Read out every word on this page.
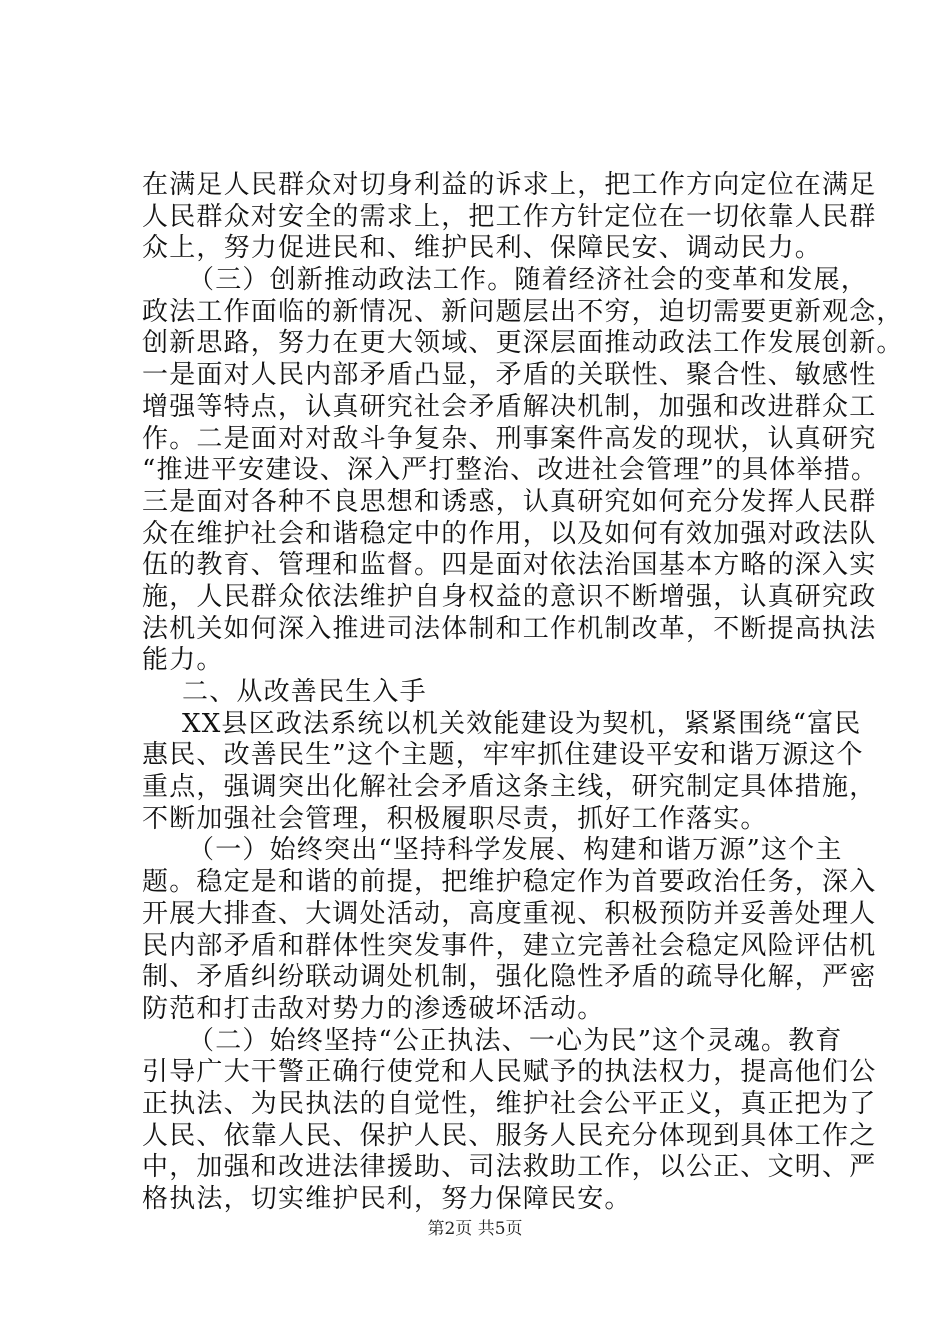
在满足人民群众对切身利益的诉求上，把工作方向定位在满足
人民群众对安全的需求上，把工作方针定位在一切依靠人民群
众上，努力促进民和、维护民利、保障民安、调动民力。
（三）创新推动政法工作。随着经济社会的变革和发展，
政法工作面临的新情况、新问题层出不穷，迫切需要更新观念，
创新思路，努力在更大领域、更深层面推动政法工作发展创新。
一是面对人民内部矛盾凸显，矛盾的关联性、聚合性、敏感性
增强等特点，认真研究社会矛盾解决机制，加强和改进群众工
作。二是面对对敌斗争复杂、刑事案件高发的现状，认真研究
“推进平安建设、深入严打整治、改进社会管理”的具体举措。
三是面对各种不良思想和诱惑，认真研究如何充分发挥人民群
众在维护社会和谐稳定中的作用，以及如何有效加强对政法队
伍的教育、管理和监督。四是面对依法治国基本方略的深入实
施，人民群众依法维护自身权益的意识不断增强，认真研究政
法机关如何深入推进司法体制和工作机制改革，不断提高执法
能力。
二、从改善民生入手
XX县区政法系统以机关效能建设为契机，紧紧围绕“富民
惠民、改善民生”这个主题，牢牢抓住建设平安和谐万源这个
重点，强调突出化解社会矛盾这条主线，研究制定具体措施，
不断加强社会管理，积极履职尽责，抓好工作落实。
（一）始终突出“坚持科学发展、构建和谐万源”这个主
题。稳定是和谐的前提，把维护稳定作为首要政治任务，深入
开展大排查、大调处活动，高度重视、积极预防并妥善处理人
民内部矛盾和群体性突发事件，建立完善社会稳定风险评估机
制、矛盾纠纷联动调处机制，强化隐性矛盾的疏导化解，严密
防范和打击敌对势力的渗透破坏活动。
（二）始终坚持“公正执法、一心为民”这个灵魂。教育
引导广大干警正确行使党和人民赋予的执法权力，提高他们公
正执法、为民执法的自觉性，维护社会公平正义，真正把为了
人民、依靠人民、保护人民、服务人民充分体现到具体工作之
中，加强和改进法律援助、司法救助工作，以公正、文明、严
格执法，切实维护民利，努力保障民安。
第2页 共5页
